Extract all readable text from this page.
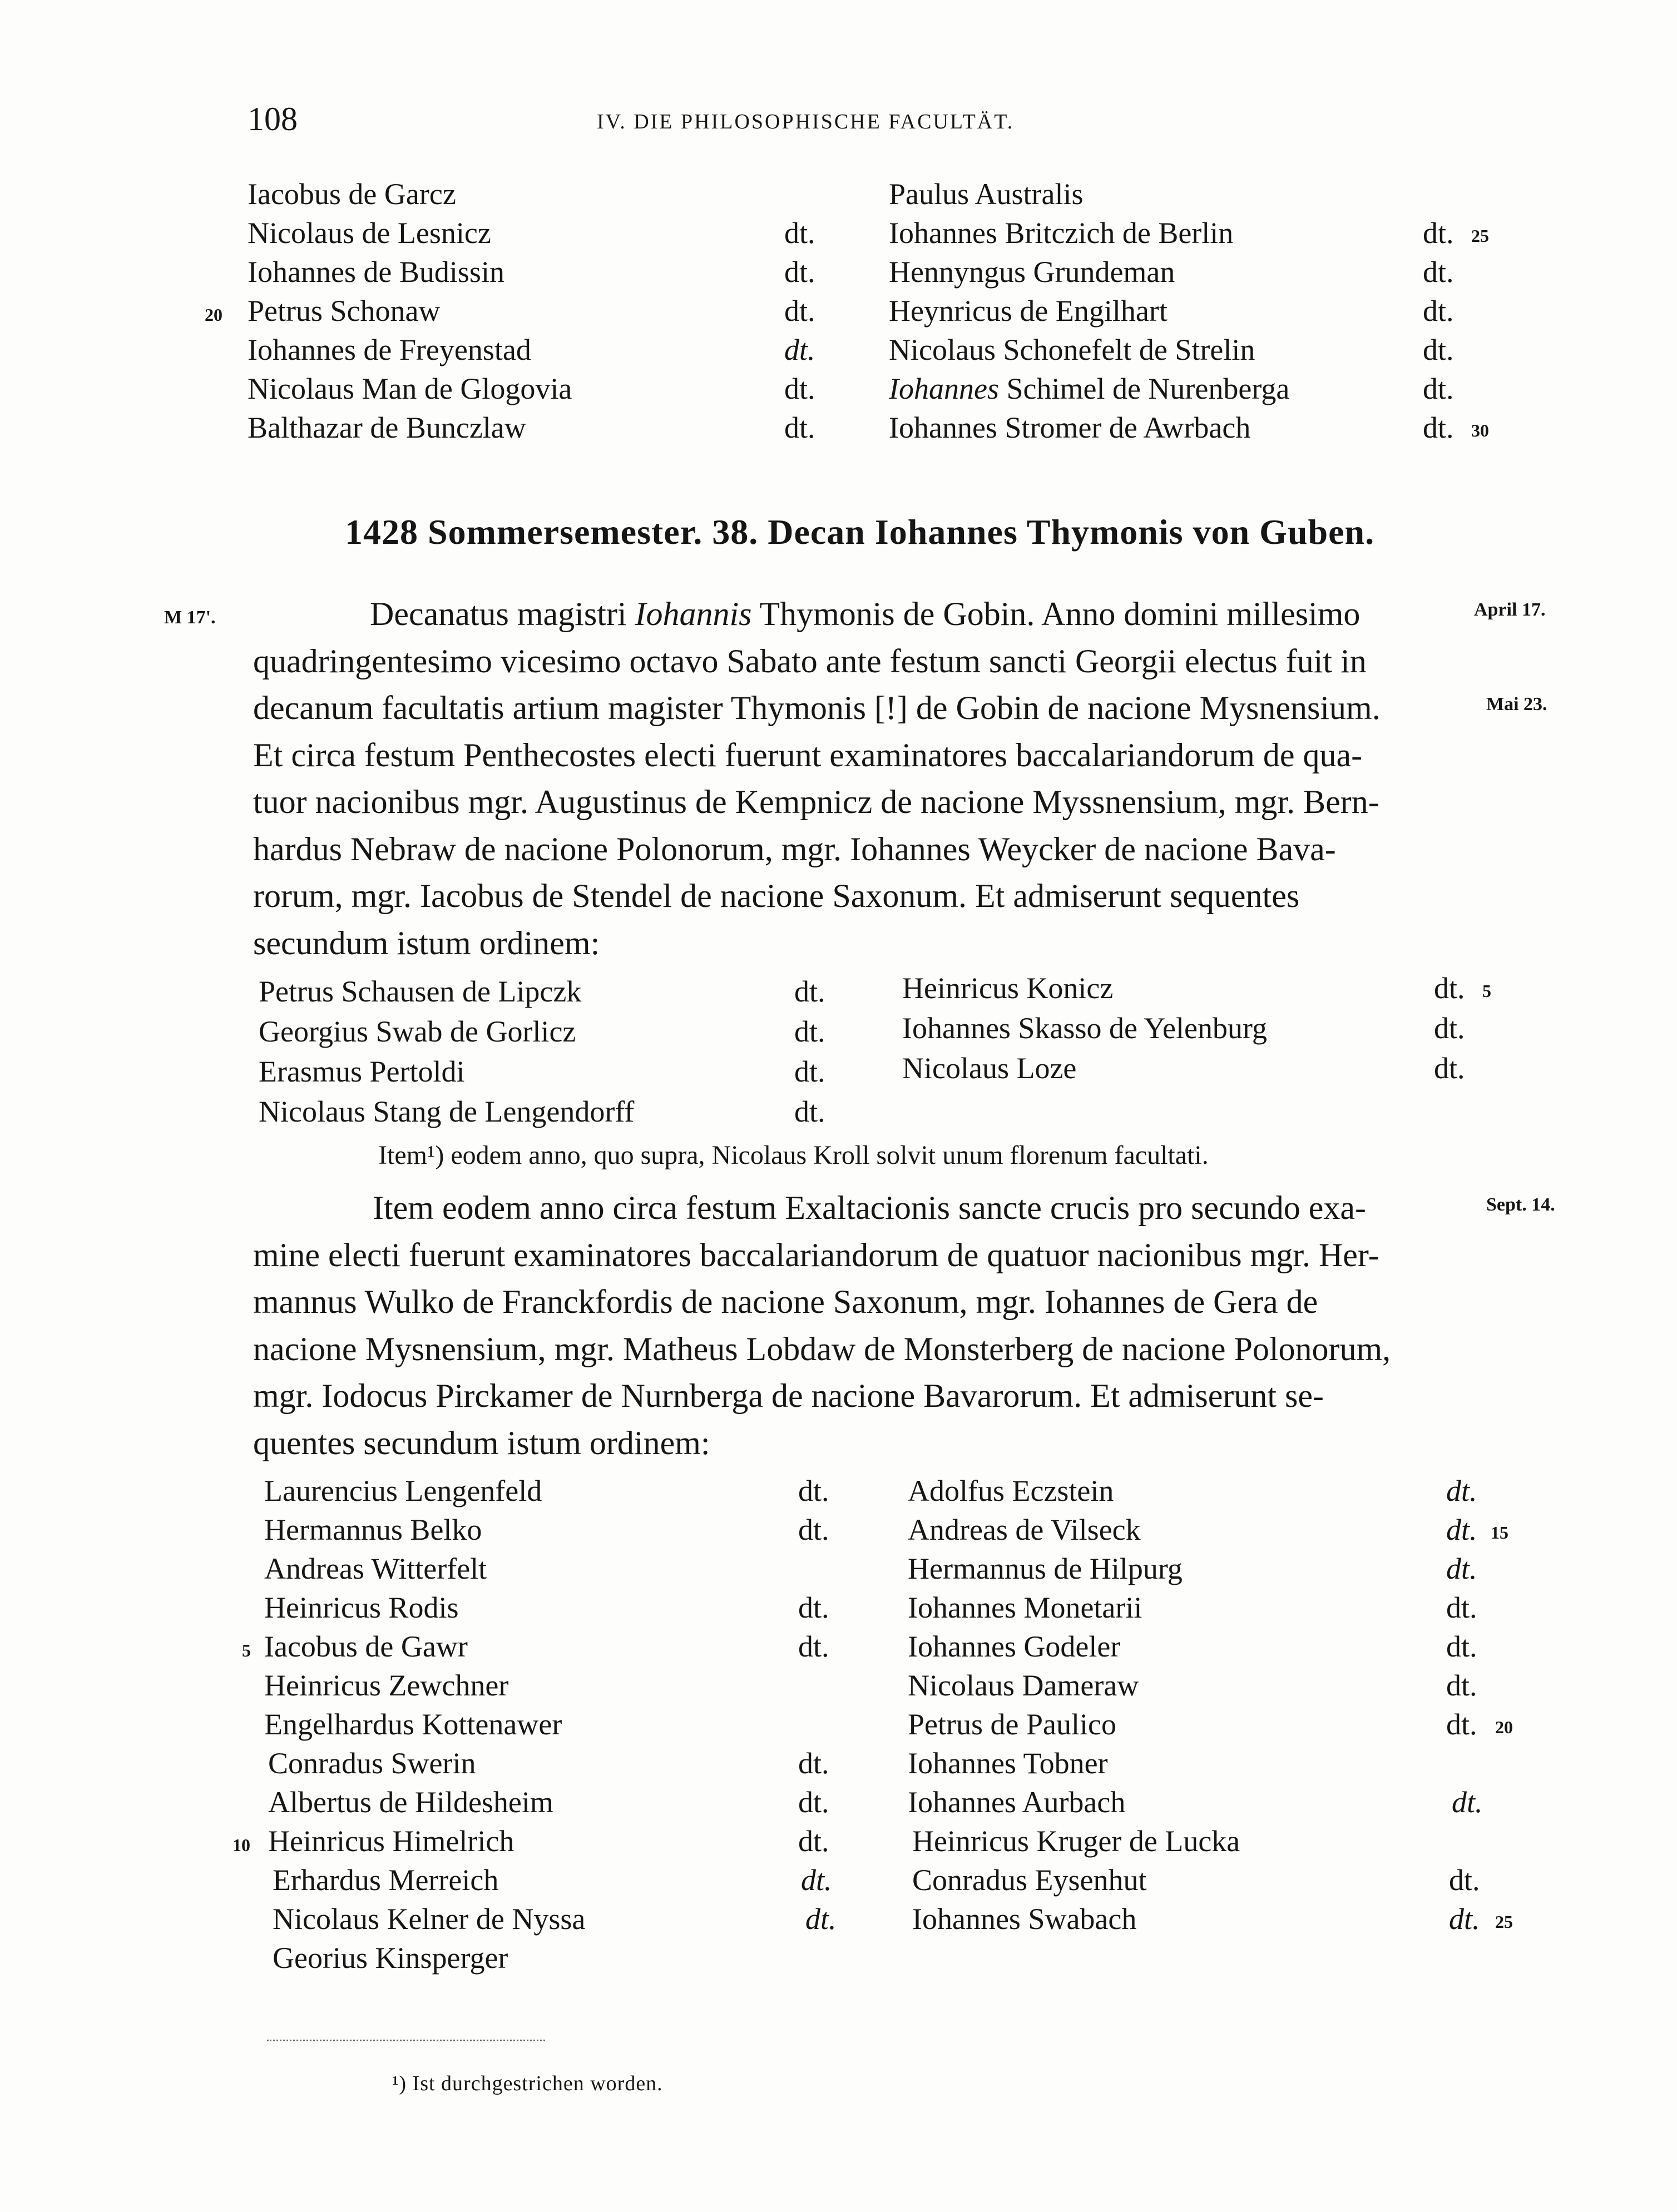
108	IV. DIE PHILOSOPHISCHE FACULTÄT.
Iacobus de Garcz
Nicolaus de Lesnicz	dt.
Iohannes de Budissin	dt.
20 Petrus Schonaw	dt.
Iohannes de Freyenstad	dt.
Nicolaus Man de Glogovia	dt.
Balthazar de Bunczlaw	dt.
Paulus Australis
Iohannes Britczich de Berlin	dt. 25
Hennyngus Grundeman	dt.
Heynricus de Engilhart	dt.
Nicolaus Schonefelt de Strelin	dt.
Iohannes Schimel de Nurenberga	dt.
Iohannes Stromer de Awrbach	dt. 30
1428 Sommersemester. 38. Decan Iohannes Thymonis von Guben.
M 17'.	April 17.
Mai 23.
Decanatus magistri Iohannis Thymonis de Gobin. Anno domini millesimo
quadringentesimo vicesimo octavo Sabato ante festum sancti Georgii electus fuit in
decanum facultatis artium magister Thymonis [!] de Gobin de nacione Mysnensium.
Et circa festum Penthecostes electi fuerunt examinatores baccalariandorum de qua-
tuor nacionibus mgr. Augustinus de Kempnicz de nacione Myssnensium, mgr. Bern-
hardus Nebraw de nacione Polonorum, mgr. Iohannes Weycker de nacione Bava-
rorum, mgr. Iacobus de Stendel de nacione Saxonum. Et admiserunt sequentes
secundum istum ordinem:
Petrus Schausen de Lipczk	dt.
Georgius Swab de Gorlicz	dt.
Erasmus Pertoldi	dt.
Nicolaus Stang de Lengendorff	dt.
Heinricus Konicz	dt. 5
Iohannes Skasso de Yelenburg	dt.
Nicolaus Loze	dt.
Item¹) eodem anno, quo supra, Nicolaus Kroll solvit unum florenum facultati.
Sept. 14.
Item eodem anno circa festum Exaltacionis sancte crucis pro secundo exa-
mine electi fuerunt examinatores baccalariandorum de quatuor nacionibus mgr. Her-
mannus Wulko de Franckfordis de nacione Saxonum, mgr. Iohannes de Gera de
nacione Mysnensium, mgr. Matheus Lobdaw de Monsterberg de nacione Polonorum,
mgr. Iodocus Pirckamer de Nurnberga de nacione Bavarorum. Et admiserunt se-
quentes secundum istum ordinem:
Laurencius Lengenfeld	dt.
Hermannus Belko	dt.
Andreas Witterfelt
Heinricus Rodis	dt.
5 Iacobus de Gawr	dt.
Heinricus Zewchner
Engelhardus Kottenawer
Conradus Swerin	dt.
Albertus de Hildesheim	dt.
10 Heinricus Himelrich	dt.
Erhardus Merreich	dt.
Nicolaus Kelner de Nyssa	dt.
Georius Kinsperger
Adolfus Eczstein	dt.
Andreas de Vilseck	dt. 15
Hermannus de Hilpurg	dt.
Iohannes Monetarii	dt.
Iohannes Godeler	dt.
Nicolaus Dameraw	dt.
Petrus de Paulico	dt. 20
Iohannes Tobner
Iohannes Aurbach	dt.
Heinricus Kruger de Lucka
Conradus Eysenhut	dt.
Iohannes Swabach	dt. 25
¹) Ist durchgestrichen worden.
